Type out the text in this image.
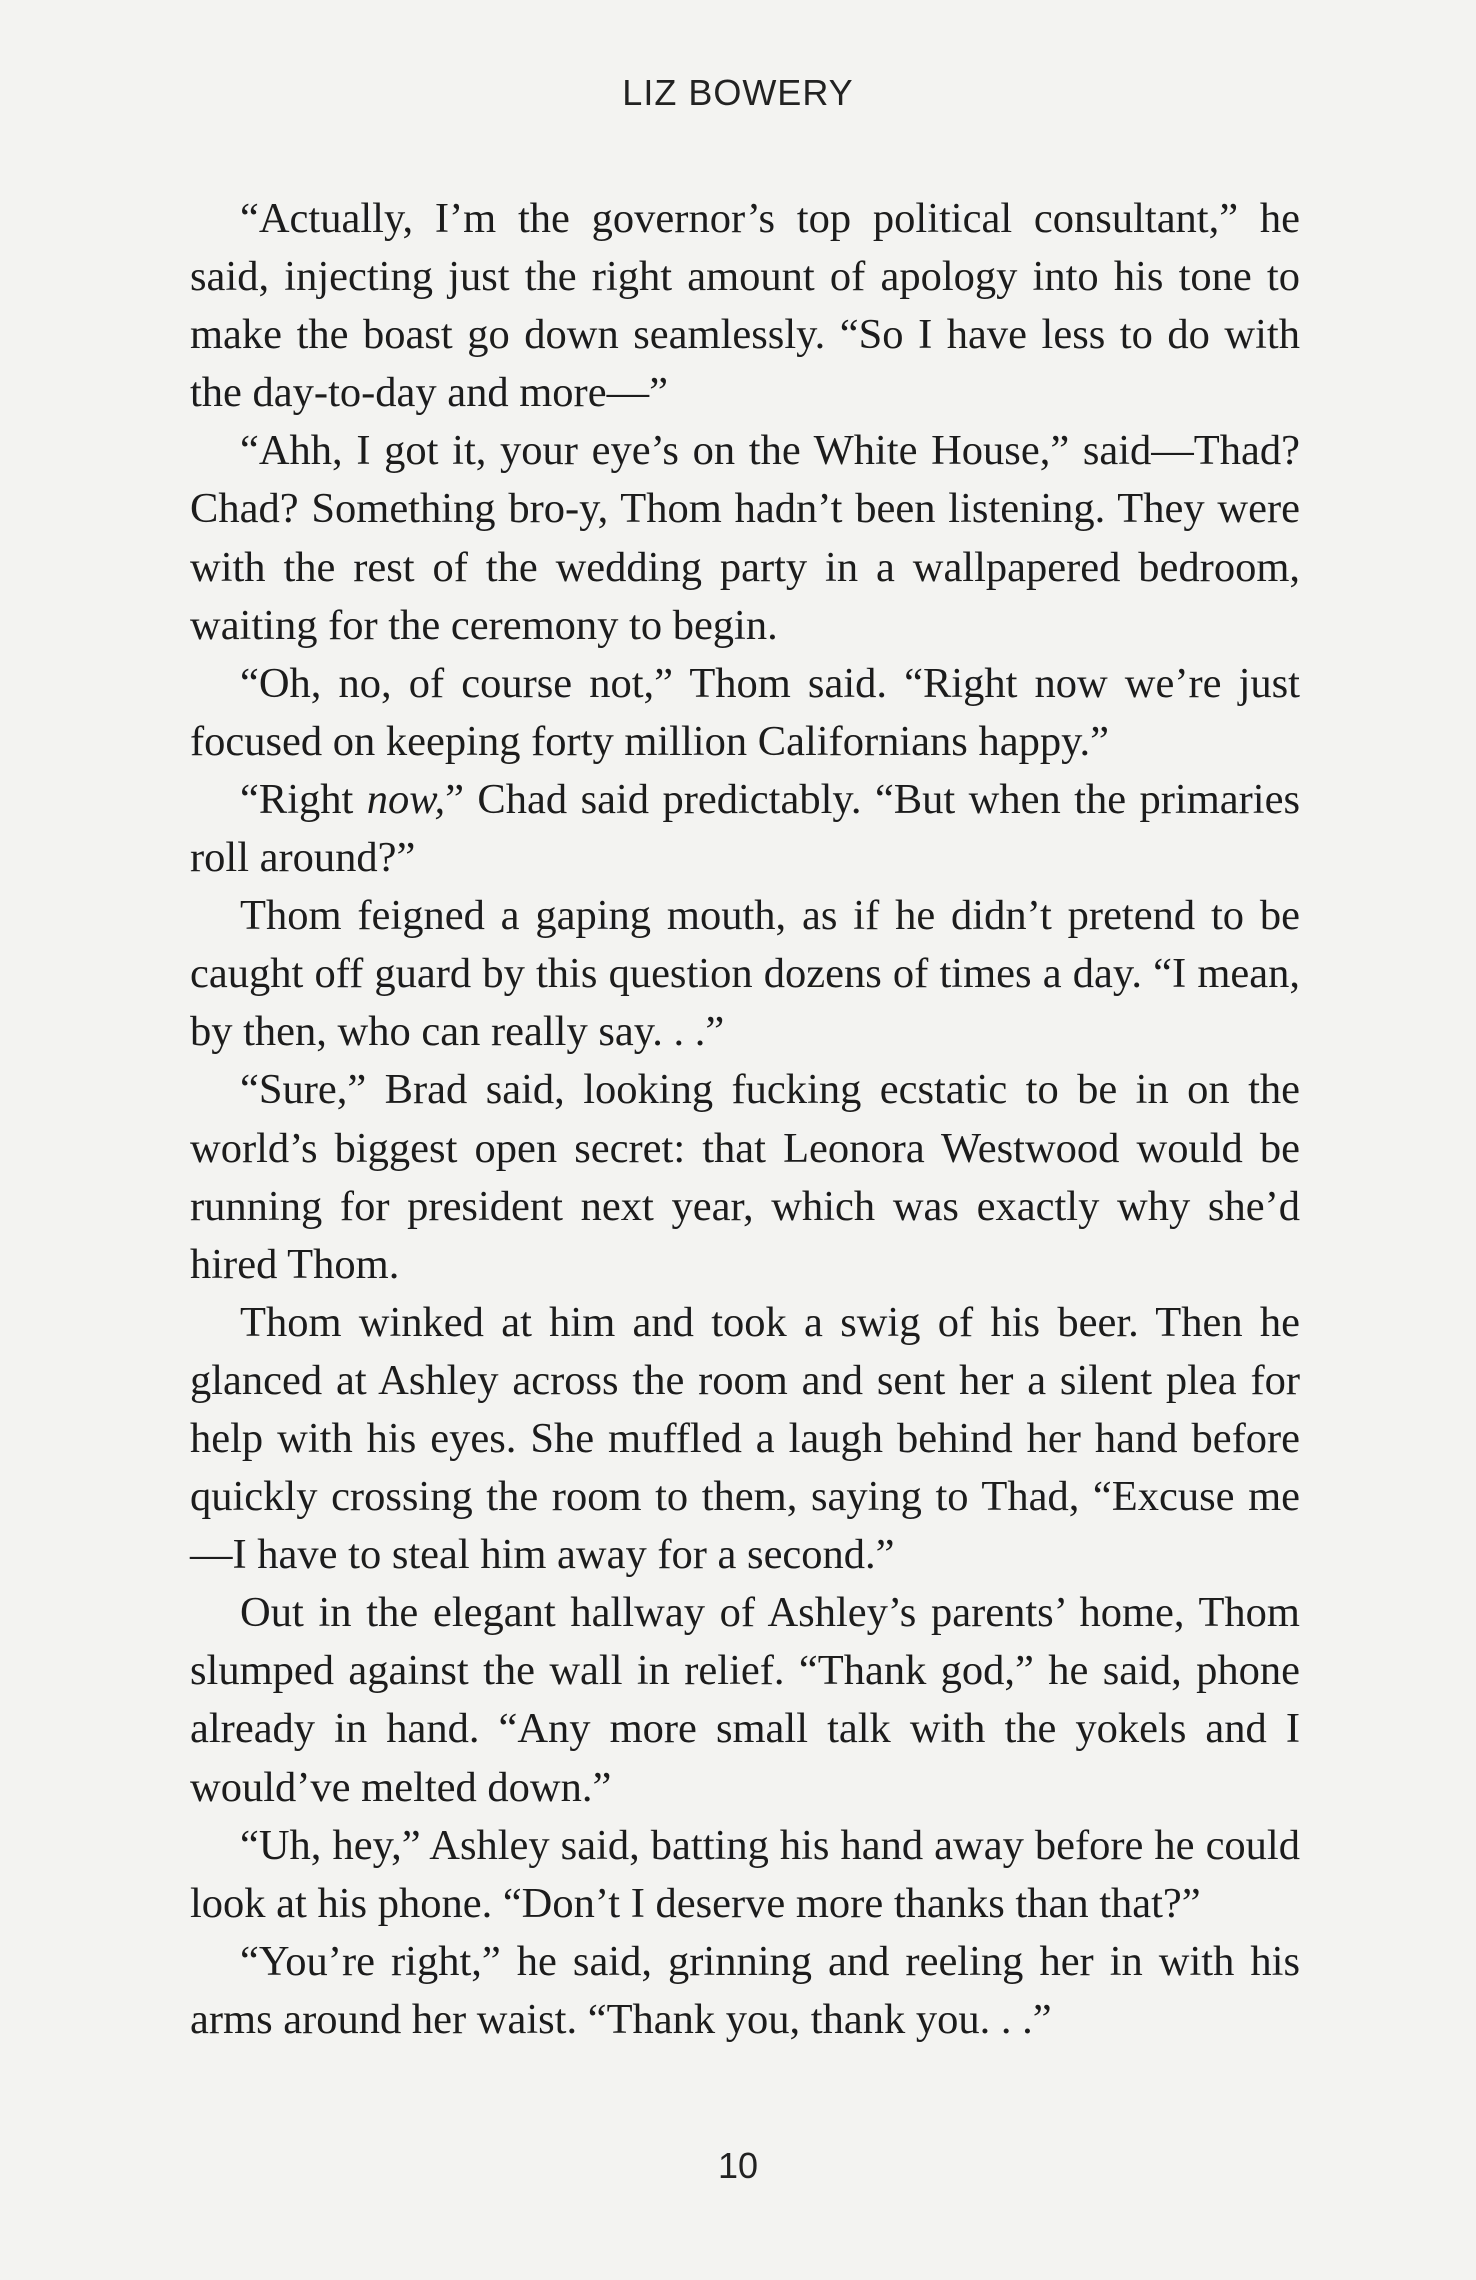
LIZ BOWERY

“Actually, I’m the governor’s top political consultant,” he said, injecting just the right amount of apology into his tone to make the boast go down seamlessly. “So I have less to do with the day-to-day and more—”

“Ahh, I got it, your eye’s on the White House,” said—Thad? Chad? Something bro-y, Thom hadn’t been listening. They were with the rest of the wedding party in a wallpapered bedroom, waiting for the ceremony to begin.

“Oh, no, of course not,” Thom said. “Right now we’re just focused on keeping forty million Californians happy.”

“Right now,” Chad said predictably. “But when the primaries roll around?”

Thom feigned a gaping mouth, as if he didn’t pretend to be caught off guard by this question dozens of times a day. “I mean, by then, who can really say. . .”

“Sure,” Brad said, looking fucking ecstatic to be in on the world’s biggest open secret: that Leonora Westwood would be running for president next year, which was exactly why she’d hired Thom.

Thom winked at him and took a swig of his beer. Then he glanced at Ashley across the room and sent her a silent plea for help with his eyes. She muffled a laugh behind her hand before quickly crossing the room to them, saying to Thad, “Excuse me—I have to steal him away for a second.”

Out in the elegant hallway of Ashley’s parents’ home, Thom slumped against the wall in relief. “Thank god,” he said, phone already in hand. “Any more small talk with the yokels and I would’ve melted down.”

“Uh, hey,” Ashley said, batting his hand away before he could look at his phone. “Don’t I deserve more thanks than that?”

“You’re right,” he said, grinning and reeling her in with his arms around her waist. “Thank you, thank you. . .”

10
